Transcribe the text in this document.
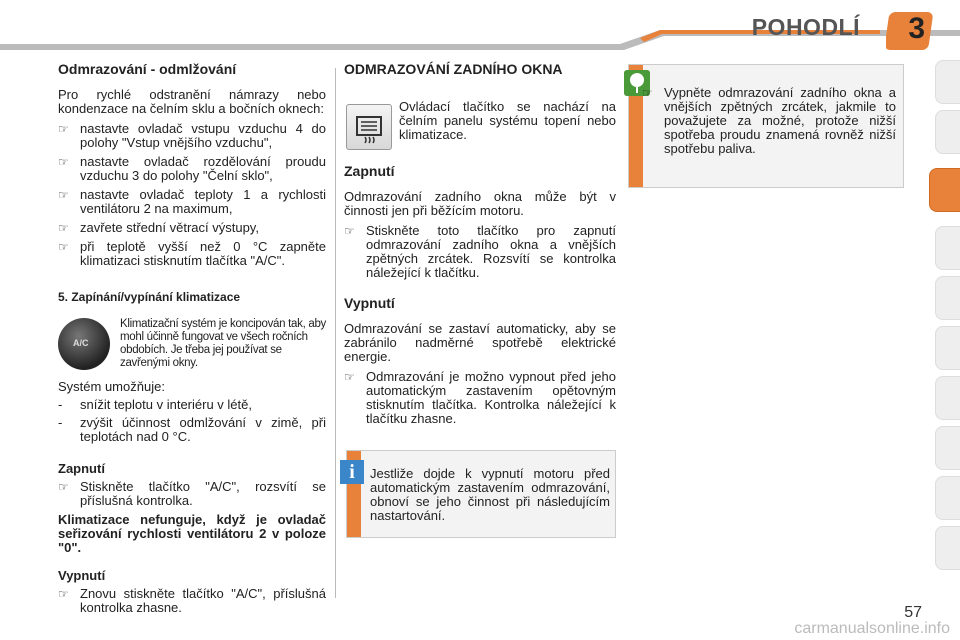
POHODLÍ 3
Odmrazování - odmlžování

Pro rychlé odstranění námrazy nebo kondenzace na čelním sklu a bočních oknech:

☞ nastavte ovladač vstupu vzduchu 4 do polohy "Vstup vnějšího vzduchu",
☞ nastavte ovladač rozdělování proudu vzduchu 3 do polohy "Čelní sklo",
☞ nastavte ovladač teploty 1 a rychlosti ventilátoru 2 na maximum,
☞ zavřete střední větrací výstupy,
☞ při teplotě vyšší než 0 °C zapněte klimatizaci stisknutím tlačítka "A/C".
5. Zapínání/vypínání klimatizace
A/C
Klimatizační systém je koncipován tak, aby mohl účinně fungovat ve všech ročních obdobích. Je třeba jej používat se zavřenými okny.

Systém umožňuje:

- snížit teplotu v interiéru v létě,
- zvýšit účinnost odmlžování v zimě, při teplotách nad 0 °C.
Zapnutí
☞ Stiskněte tlačítko "A/C", rozsvítí se příslušná kontrolka.

Klimatizace nefunguje, když je ovladač seřizování rychlosti ventilátoru 2 v poloze "0".

Vypnutí
☞ Znovu stiskněte tlačítko "A/C", příslušná kontrolka zhasne.
ODMRAZOVÁNÍ ZADNÍHO OKNA
Ovládací tlačítko se nachází na čelním panelu systému topení nebo klimatizace.
Zapnutí

Odmrazování zadního okna může být v činnosti jen při běžícím motoru.

☞ Stiskněte toto tlačítko pro zapnutí odmrazování zadního okna a vnějších zpětných zrcátek. Rozsvítí se kontrolka náležející k tlačítku.
Vypnutí

Odmrazování se zastaví automaticky, aby se zabránilo nadměrné spotřebě elektrické energie.

☞ Odmrazování je možno vypnout před jeho automatickým zastavením opětovným stisknutím tlačítka. Kontrolka náležející k tlačítku zhasne.
i	Jestliže dojde k vypnutí motoru před automatickým zastavením odmrazování, obnoví se jeho činnost při následujícím nastartování.
☞ Vypněte odmrazování zadního okna a vnějších zpětných zrcátek, jakmile to považujete za možné, protože nižší spotřeba proudu znamená rovněž nižší spotřebu paliva.
57
carmanualsonline.info
